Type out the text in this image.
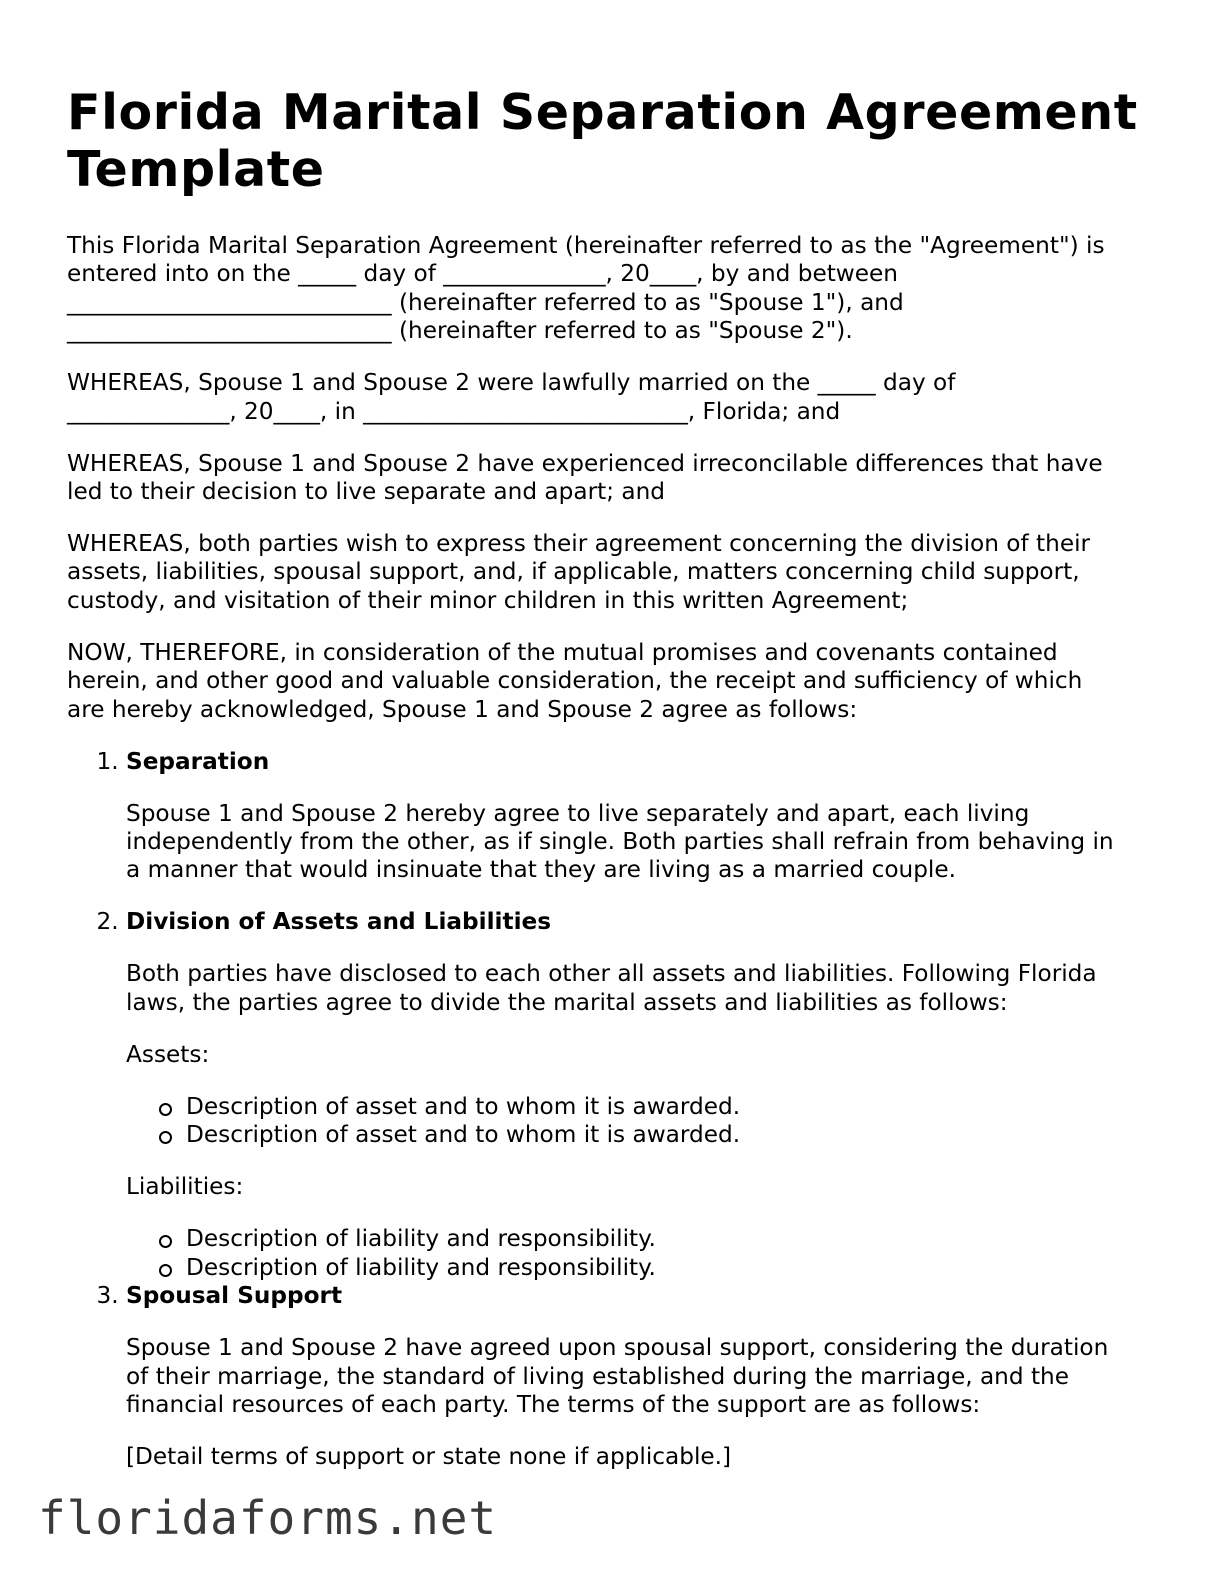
Florida Marital Separation Agreement Template

This Florida Marital Separation Agreement (hereinafter referred to as the "Agreement") is
entered into on the _____ day of ______________, 20____, by and between
____________________________ (hereinafter referred to as "Spouse 1"), and
____________________________ (hereinafter referred to as "Spouse 2").

WHEREAS, Spouse 1 and Spouse 2 were lawfully married on the _____ day of
______________, 20____, in ____________________________, Florida; and

WHEREAS, Spouse 1 and Spouse 2 have experienced irreconcilable differences that have
led to their decision to live separate and apart; and

WHEREAS, both parties wish to express their agreement concerning the division of their
assets, liabilities, spousal support, and, if applicable, matters concerning child support,
custody, and visitation of their minor children in this written Agreement;

NOW, THEREFORE, in consideration of the mutual promises and covenants contained
herein, and other good and valuable consideration, the receipt and sufficiency of which
are hereby acknowledged, Spouse 1 and Spouse 2 agree as follows:

1. Separation

Spouse 1 and Spouse 2 hereby agree to live separately and apart, each living
independently from the other, as if single. Both parties shall refrain from behaving in
a manner that would insinuate that they are living as a married couple.

2. Division of Assets and Liabilities

Both parties have disclosed to each other all assets and liabilities. Following Florida
laws, the parties agree to divide the marital assets and liabilities as follows:

Assets:

Description of asset and to whom it is awarded.
Description of asset and to whom it is awarded.

Liabilities:

Description of liability and responsibility.
Description of liability and responsibility.
3. Spousal Support

Spouse 1 and Spouse 2 have agreed upon spousal support, considering the duration
of their marriage, the standard of living established during the marriage, and the
financial resources of each party. The terms of the support are as follows:

[Detail terms of support or state none if applicable.]

floridaforms.net
